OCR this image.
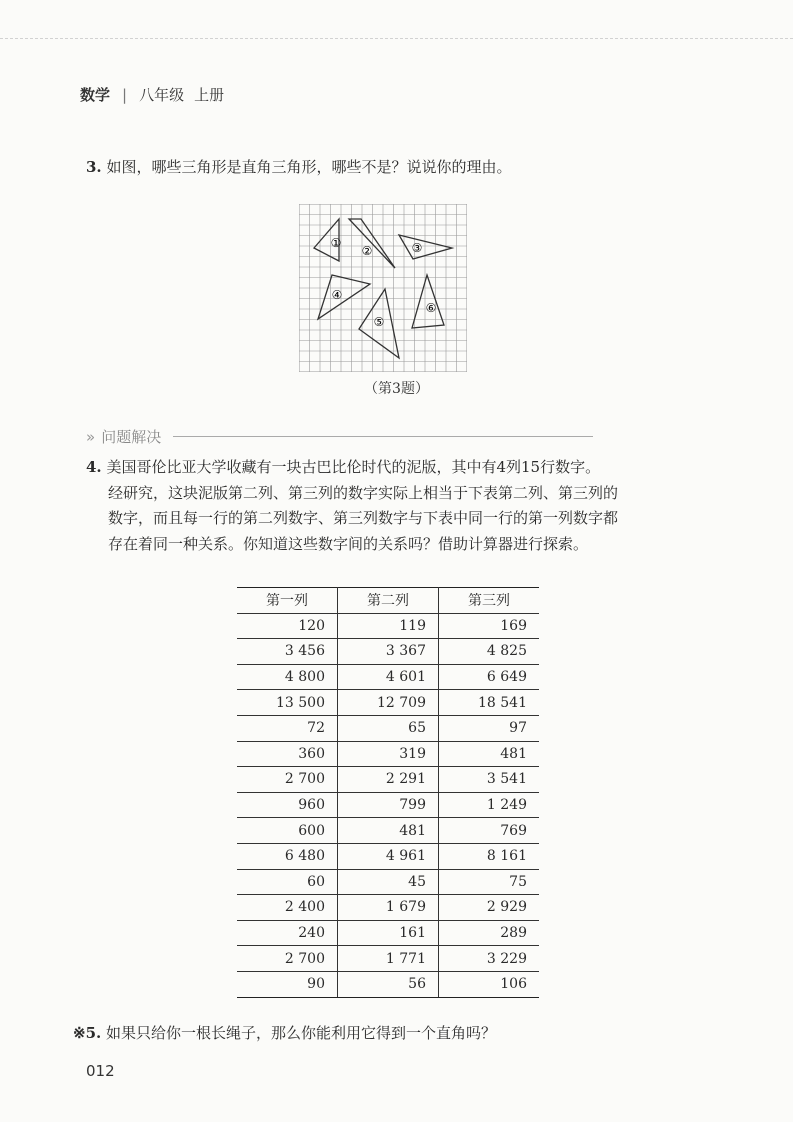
数学 | 八年级 上册
3. 如图，哪些三角形是直角三角形，哪些不是？说说你的理由。
①
②	③
④
⑤
⑥
（第3题）
» 问题解决

4. 美国哥伦比亚大学收藏有一块古巴比伦时代的泥版，其中有4列15行数字。

经研究，这块泥版第二列、第三列的数字实际上相当于下表第二列、第三列的

数字，而且每一行的第二列数字、第三列数字与下表中同一行的第一列数字都

存在着同一种关系。你知道这些数字间的关系吗？借助计算器进行探索。

第一列	第二列	第三列
120	119	169
3 456	3 367	4 825
4 800	4 601	6 649
13 500	12 709	18 541
72	65	97
360	319	481
2 700	2 291	3 541
960	799	1 249
600	481	769
6 480	4 961	8 161
60	45	75
2 400	1 679	2 929
240	161	289
2 700	1 771	3 229
90	56	106
※5. 如果只给你一根长绳子，那么你能利用它得到一个直角吗？
012
